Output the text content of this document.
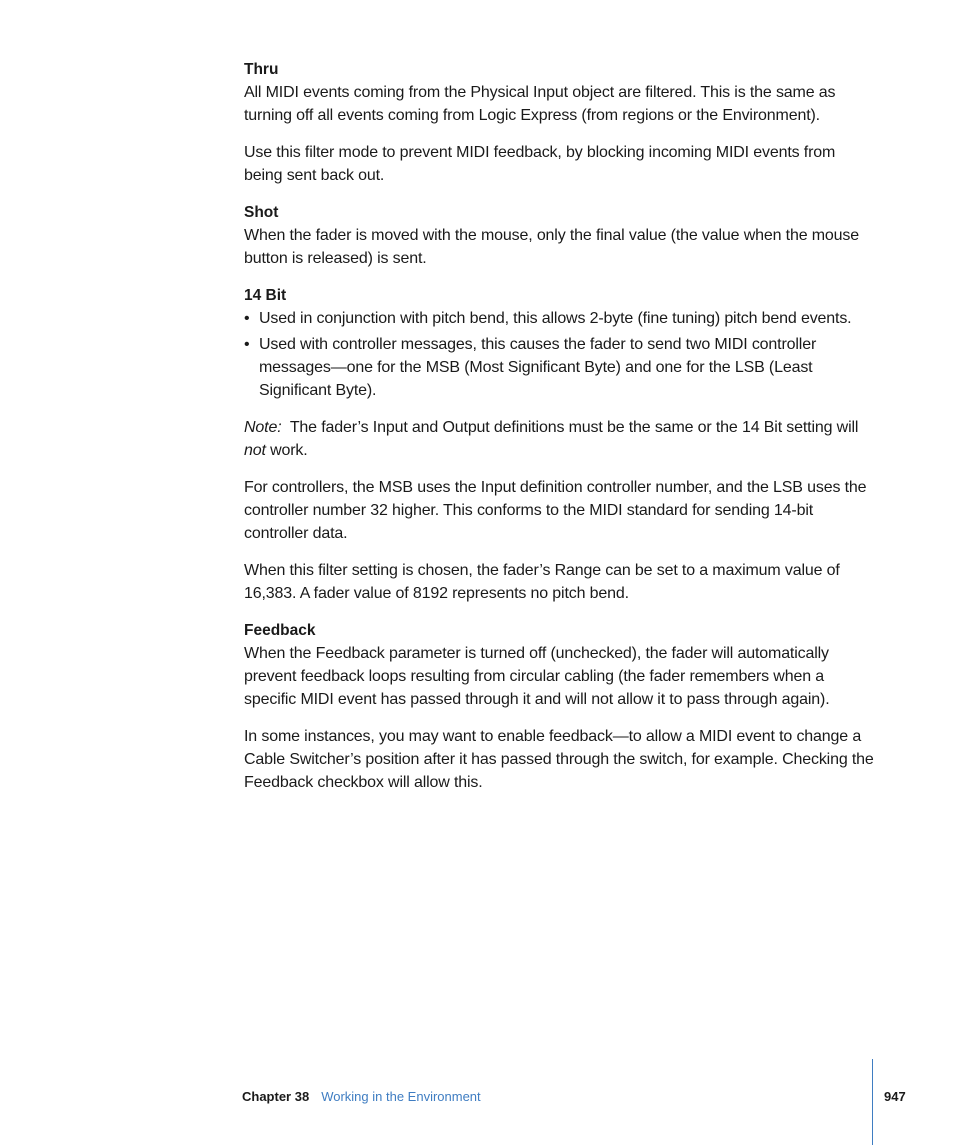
Thru

All MIDI events coming from the Physical Input object are filtered. This is the same as turning off all events coming from Logic Express (from regions or the Environment).

Use this filter mode to prevent MIDI feedback, by blocking incoming MIDI events from being sent back out.

Shot

When the fader is moved with the mouse, only the final value (the value when the mouse button is released) is sent.

14 Bit
• Used in conjunction with pitch bend, this allows 2-byte (fine tuning) pitch bend events.
• Used with controller messages, this causes the fader to send two MIDI controller messages—one for the MSB (Most Significant Byte) and one for the LSB (Least Significant Byte).

Note: The fader’s Input and Output definitions must be the same or the 14 Bit setting will not work.

For controllers, the MSB uses the Input definition controller number, and the LSB uses the controller number 32 higher. This conforms to the MIDI standard for sending 14-bit controller data.

When this filter setting is chosen, the fader’s Range can be set to a maximum value of 16,383. A fader value of 8192 represents no pitch bend.

Feedback

When the Feedback parameter is turned off (unchecked), the fader will automatically prevent feedback loops resulting from circular cabling (the fader remembers when a specific MIDI event has passed through it and will not allow it to pass through again).

In some instances, you may want to enable feedback—to allow a MIDI event to change a Cable Switcher’s position after it has passed through the switch, for example. Checking the Feedback checkbox will allow this.

Chapter 38 Working in the Environment	947
